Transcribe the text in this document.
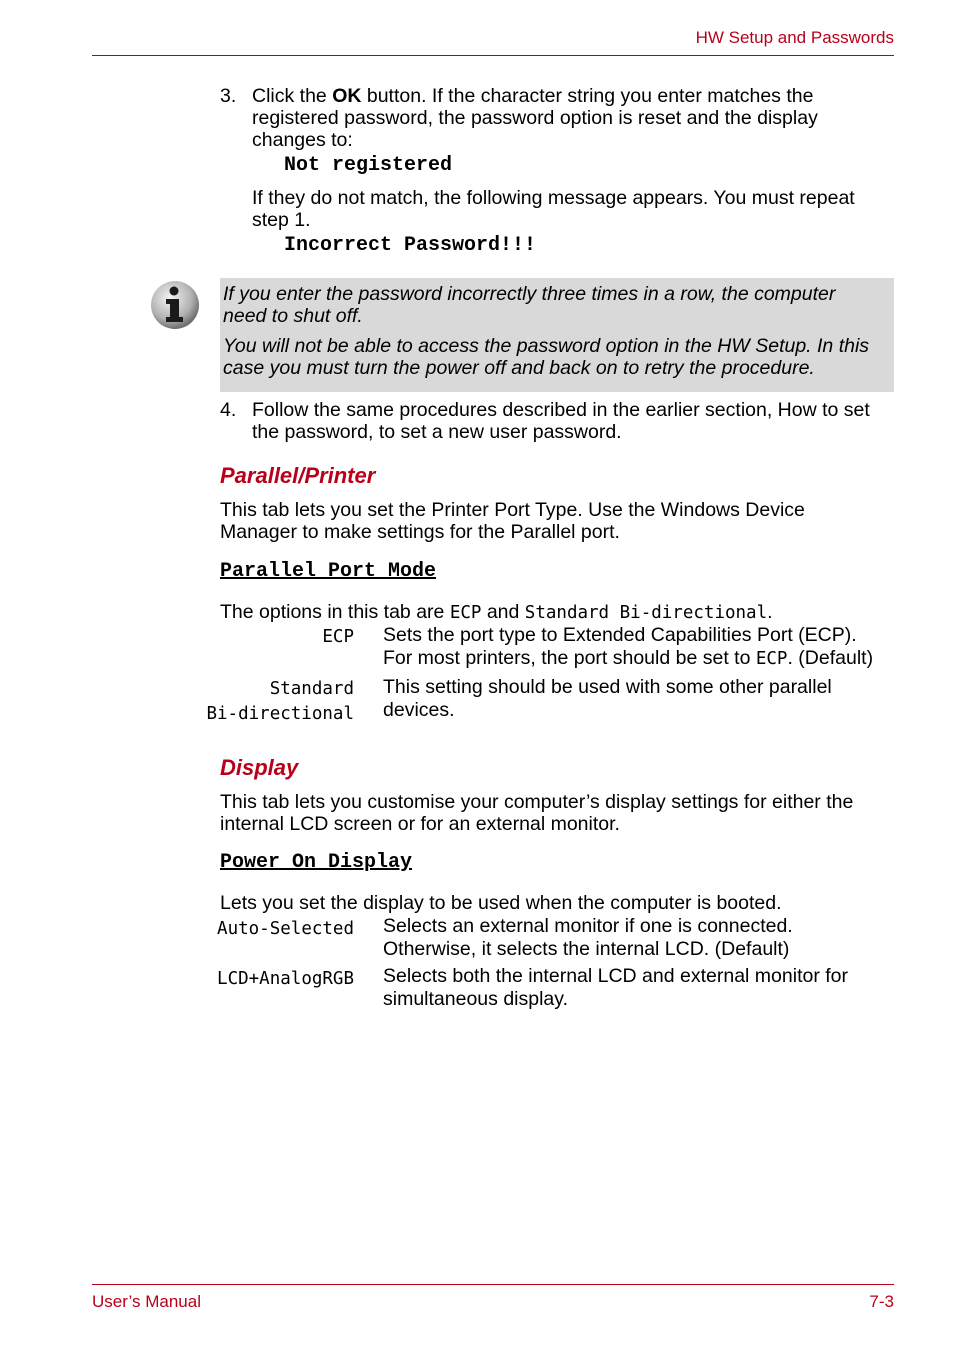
HW Setup and Passwords
3. Click the OK button. If the character string you enter matches the
registered password, the password option is reset and the display
changes to:
Not registered
If they do not match, the following message appears. You must repeat
step 1.
Incorrect Password!!!
If you enter the password incorrectly three times in a row, the computer
need to shut off.
You will not be able to access the password option in the HW Setup. In this
case you must turn the power off and back on to retry the procedure.
4. Follow the same procedures described in the earlier section, How to set
the password, to set a new user password.
Parallel/Printer
This tab lets you set the Printer Port Type. Use the Windows Device
Manager to make settings for the Parallel port.
Parallel Port Mode
The options in this tab are ECP and Standard Bi-directional.
ECP Sets the port type to Extended Capabilities Port (ECP).
For most printers, the port should be set to ECP. (Default)
Standard
Bi-directional
This setting should be used with some other parallel
devices.
Display
This tab lets you customise your computer’s display settings for either the
internal LCD screen or for an external monitor.
Power On Display
Lets you set the display to be used when the computer is booted.
Auto-Selected Selects an external monitor if one is connected.
Otherwise, it selects the internal LCD. (Default)
LCD+AnalogRGB Selects both the internal LCD and external monitor for
simultaneous display.
User’s Manual	7-3
